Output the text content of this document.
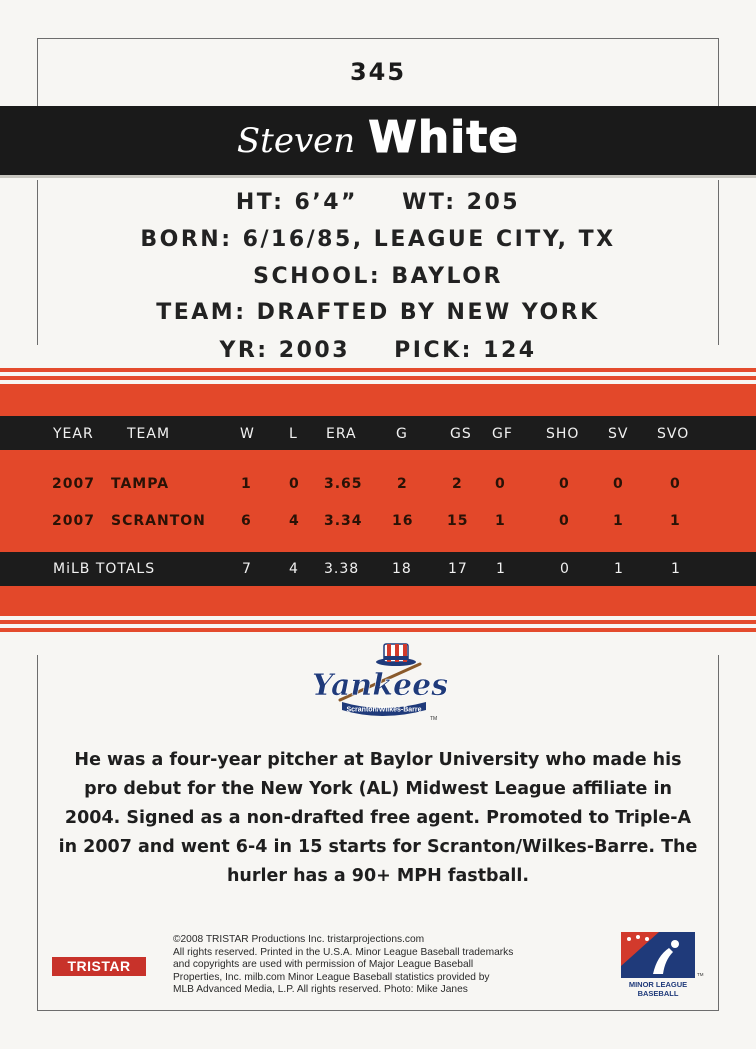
345
Steven White
HT: 6’4” WT: 205
BORN: 6/16/85, LEAGUE CITY, TX
SCHOOL: BAYLOR
TEAM: DRAFTED BY NEW YORK
YR: 2003 PICK: 124
YEAR TEAM	W L ERA	G	GS GF SHO SV SVO
2007 TAMPA	1	0 3.65 2	2 0	0	0	0
2007 SCRANTON	6	4 3.34 16 15 1	0	1	1
MiLB TOTALS	7	4 3.38 18	17 1	0	1	1
Yankees
Scranton/Wilkes-Barre
TM
He was a four-year pitcher at Baylor University who made his
pro debut for the New York (AL) Midwest League affiliate in
2004. Signed as a non-drafted free agent. Promoted to Triple-A
in 2007 and went 6-4 in 15 starts for Scranton/Wilkes-Barre. The
hurler has a 90+ MPH fastball.
TRISTAR
©2008 TRISTAR Productions Inc. tristarprojections.com
All rights reserved. Printed in the U.S.A. Minor League Baseball trademarks
and copyrights are used with permission of Major League Baseball
Properties, Inc. milb.com Minor League Baseball statistics provided by
MLB Advanced Media, L.P. All rights reserved. Photo: Mike Janes	MINOR LEAGUE
BASEBALL
TM
